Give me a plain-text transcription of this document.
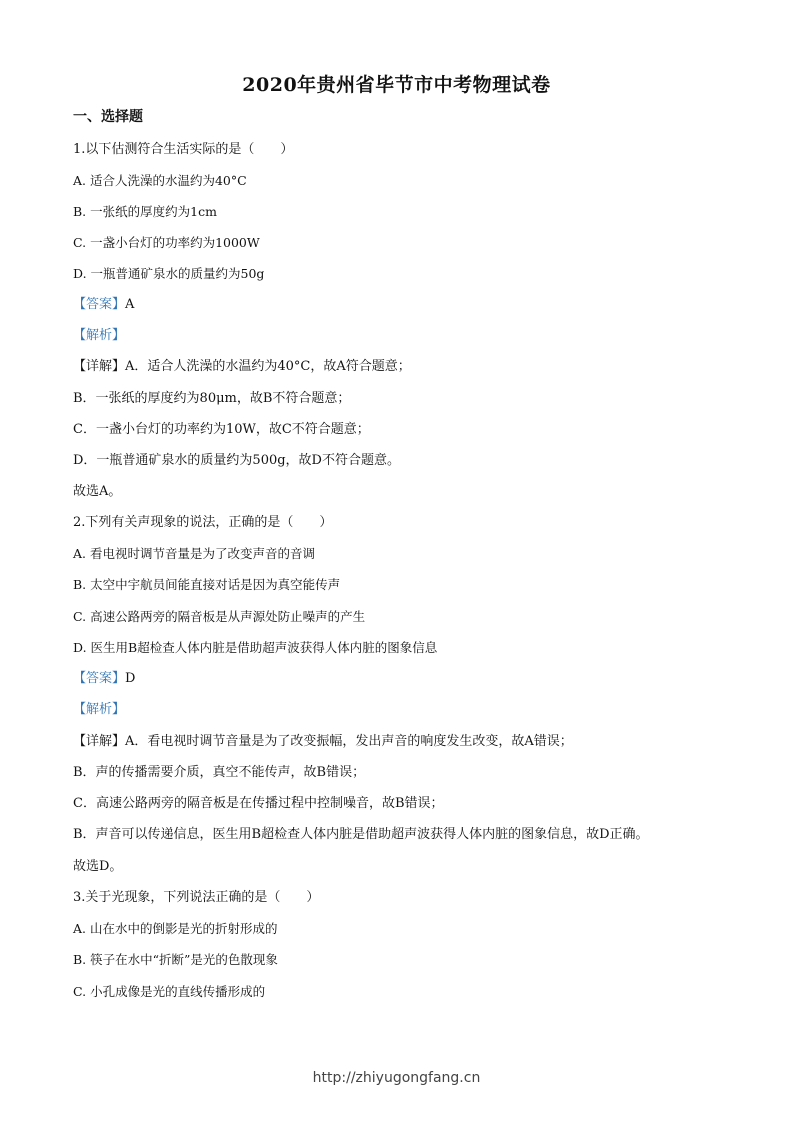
2020年贵州省毕节市中考物理试卷
一、选择题
1.以下估测符合生活实际的是（　　）
A. 适合人洗澡的水温约为40°C
B. 一张纸的厚度约为1cm
C. 一盏小台灯的功率约为1000W
D. 一瓶普通矿泉水的质量约为50g
【答案】A
【解析】
【详解】A．适合人洗澡的水温约为40°C，故A符合题意；
B．一张纸的厚度约为80μm，故B不符合题意；
C．一盏小台灯的功率约为10W，故C不符合题意；
D．一瓶普通矿泉水的质量约为500g，故D不符合题意。
故选A。
2.下列有关声现象的说法，正确的是（　　）
A. 看电视时调节音量是为了改变声音的音调
B. 太空中宇航员间能直接对话是因为真空能传声
C. 高速公路两旁的隔音板是从声源处防止噪声的产生
D. 医生用B超检查人体内脏是借助超声波获得人体内脏的图象信息
【答案】D
【解析】
【详解】A．看电视时调节音量是为了改变振幅，发出声音的响度发生改变，故A错误；
B．声的传播需要介质，真空不能传声，故B错误；
C．高速公路两旁的隔音板是在传播过程中控制噪音，故B错误；
B．声音可以传递信息，医生用B超检查人体内脏是借助超声波获得人体内脏的图象信息，故D正确。
故选D。
3.关于光现象，下列说法正确的是（　　）
A. 山在水中的倒影是光的折射形成的
B. 筷子在水中“折断”是光的色散现象
C. 小孔成像是光的直线传播形成的
http://zhiyugongfang.cn
